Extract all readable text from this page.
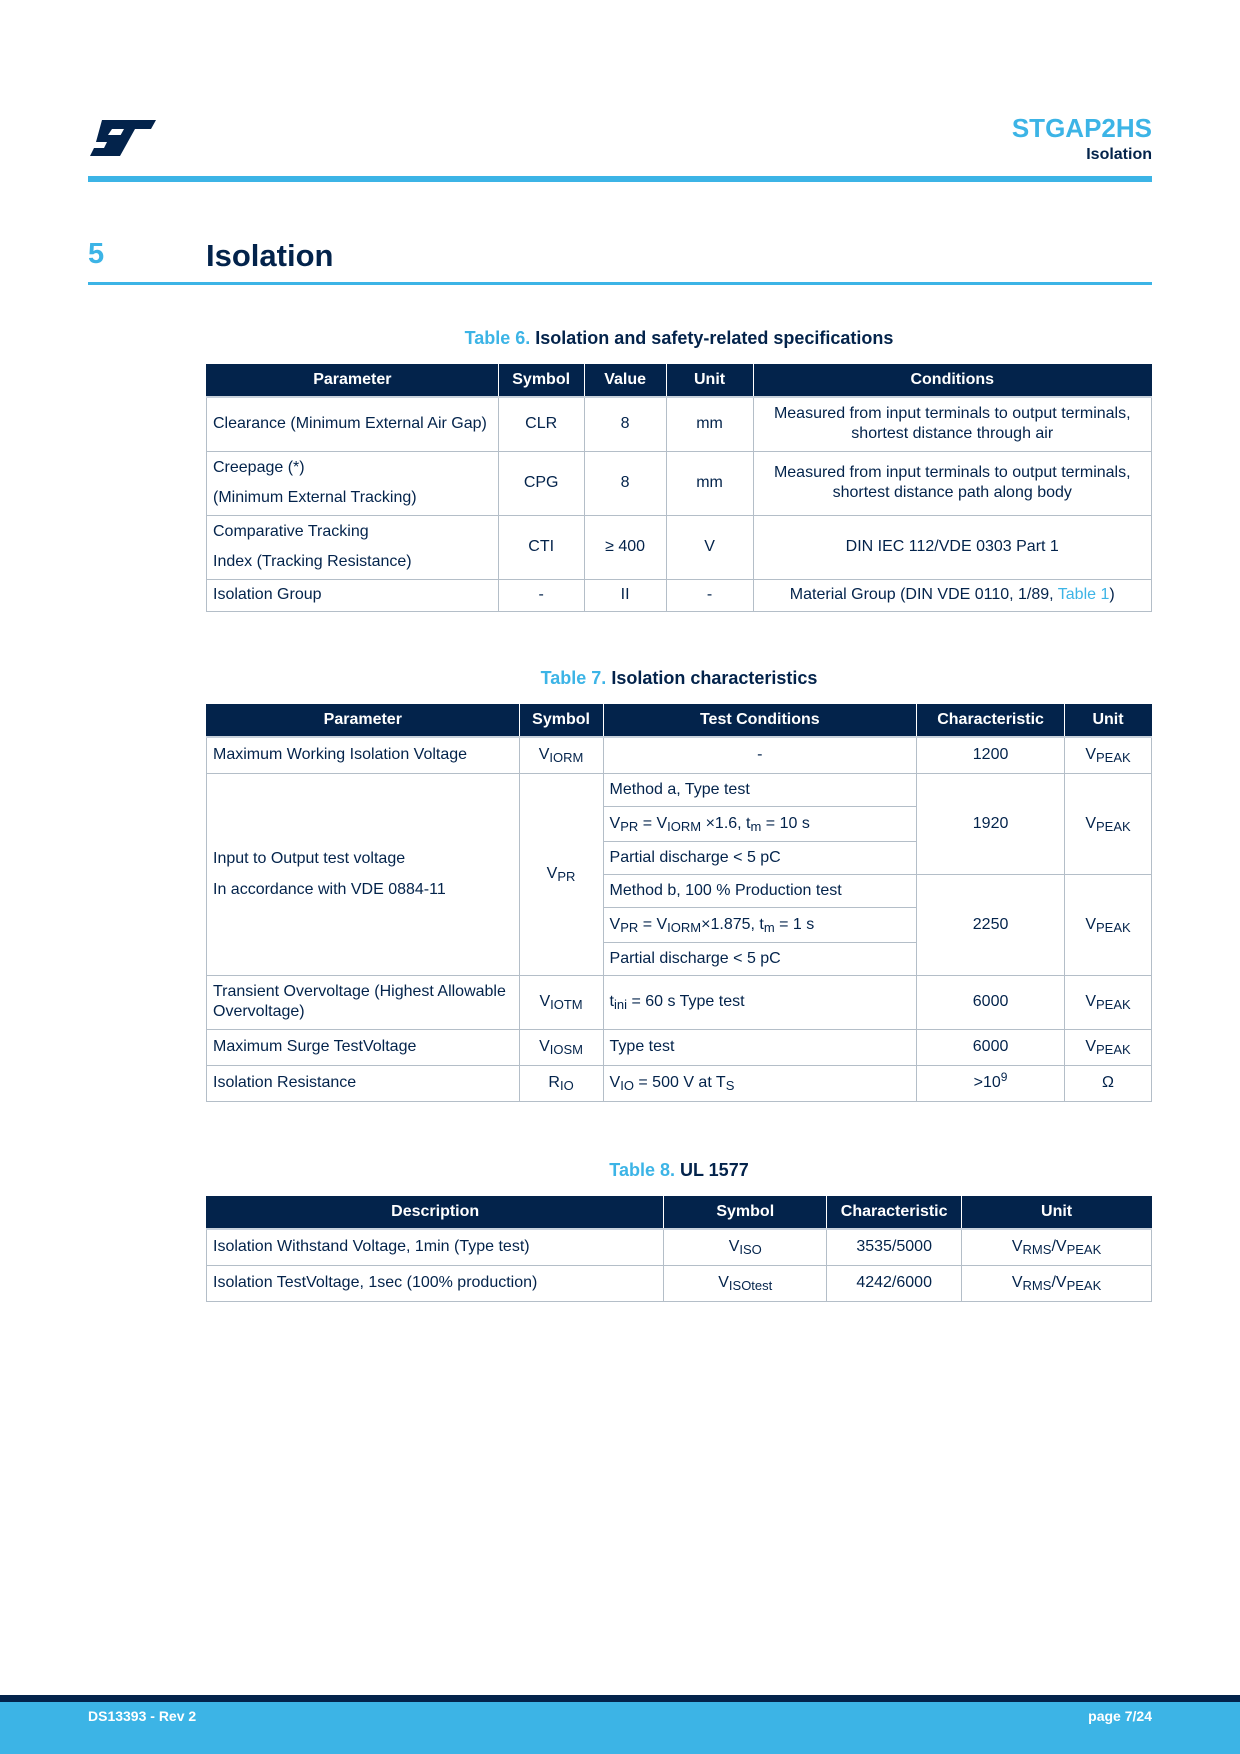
STGAP2HS
Isolation
5	Isolation
Table 6. Isolation and safety-related specifications
Parameter	Symbol	Value	Unit	Conditions
Clearance (Minimum External Air Gap)	CLR	8	mm	Measured from input terminals to output terminals, shortest distance through air

Creepage (*)
(Minimum External Tracking)	CPG	8	mm	Measured from input terminals to output terminals, shortest distance path along body

Comparative Tracking
Index (Tracking Resistance)	CTI	≥ 400	V	DIN IEC 112/VDE 0303 Part 1
Isolation Group	-	II	-	Material Group (DIN VDE 0110, 1/89, Table 1)
Table 7. Isolation characteristics
Parameter	Symbol	Test Conditions	Characteristic	Unit
Maximum Working Isolation Voltage	$V_{IORM}$	-	1200	$V_{PEAK}$

Input to Output test voltage
In accordance with VDE 0884-11	$V_{PR}$	Method a, Type test	1920	$V_{PEAK}$
		$V_{PR} = V_{IORM} \times 1.6$, $t_m = 10$ s		
		Partial discharge < 5 pC		
		Method b, 100 % Production test	2250	$V_{PEAK}$
		$V_{PR} = V_{IORM}\times 1.875$, $t_m = 1$ s		
		Partial discharge < 5 pC		
Transient Overvoltage (Highest Allowable Overvoltage)	$V_{IOTM}$	$t_{ini} = 60$ s Type test	6000	$V_{PEAK}$
Maximum Surge TestVoltage	$V_{IOSM}$	Type test	6000	$V_{PEAK}$
Isolation Resistance	$R_{IO}$	$V_{IO} = 500$ V at $T_S$	$>10^9$	Ω
Table 8. UL 1577
Description	Symbol	Characteristic	Unit
Isolation Withstand Voltage, 1min (Type test)	$V_{ISO}$	3535/5000	$V_{RMS}/V_{PEAK}$
Isolation TestVoltage, 1sec (100% production)	$V_{ISOtest}$	4242/6000	$V_{RMS}/V_{PEAK}$
DS13393 - Rev 2	page 7/24
